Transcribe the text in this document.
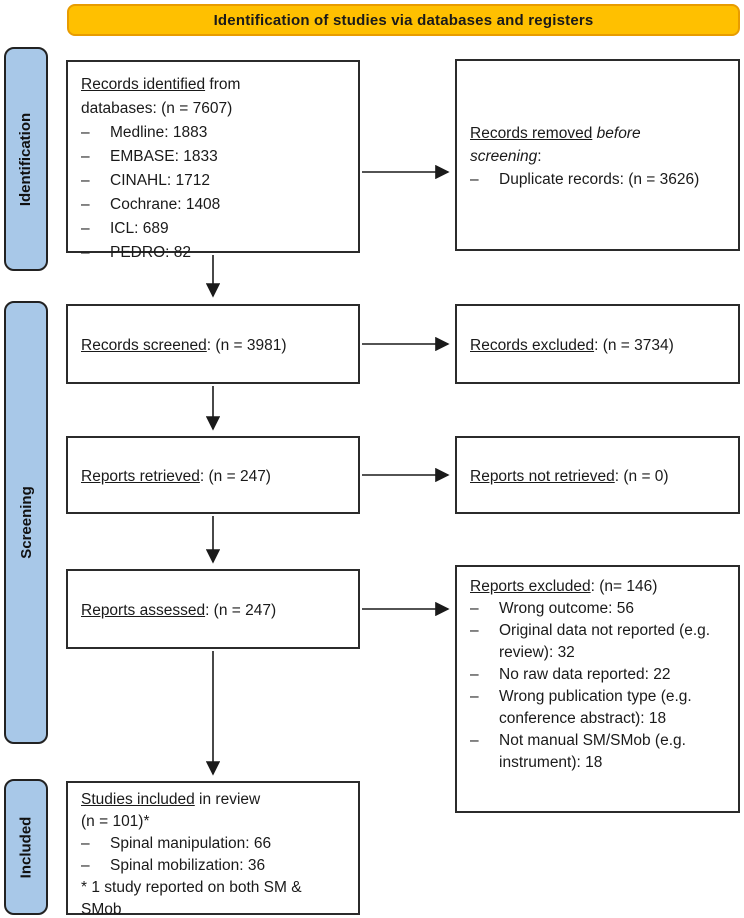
Identification of studies via databases and registers
Identification
Screening
Included
Records identified from
databases: (n = 7607)
–	Medline: 1883
–	EMBASE: 1833
–	CINAHL: 1712
–	Cochrane: 1408
–	ICL: 689
–	PEDRO: 82
Records removed before
screening:
–	Duplicate records: (n = 3626)
Records screened: (n = 3981)	Records excluded: (n = 3734)
Reports retrieved: (n = 247)	Reports not retrieved: (n = 0)
Reports assessed: (n = 247)
Reports excluded: (n= 146)
–	Wrong outcome: 56
–	Original data not reported (e.g. review): 32
–	No raw data reported: 22
–	Wrong publication type (e.g. conference abstract): 18
–	Not manual SM/SMob (e.g. instrument): 18
Studies included in review
(n = 101)*
–	Spinal manipulation: 66
–	Spinal mobilization: 36
* 1 study reported on both SM &
SMob
